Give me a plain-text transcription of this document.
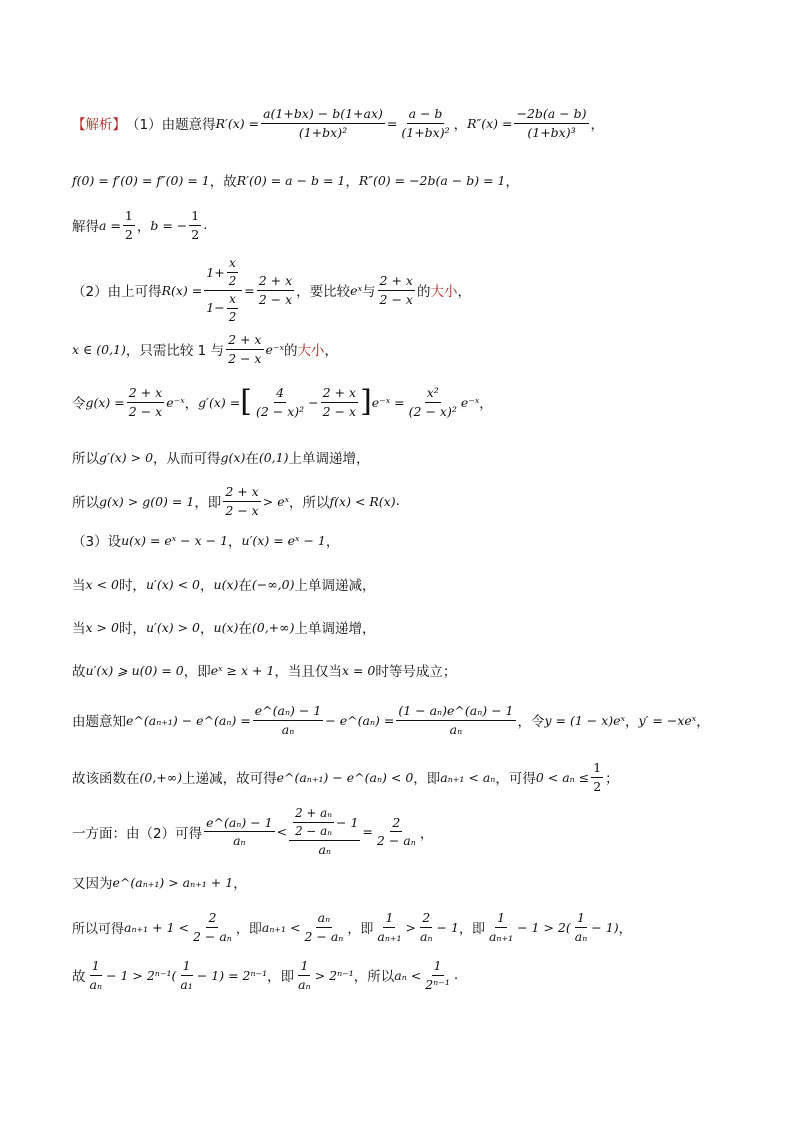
【解析】 （1）由题意得 $R'(x) = \frac{a(1+bx) - b(1+ax)}{\text{(1+bx)²}} = \frac{a - b}{\text{(1+bx)²}}$ ， $R''(x) = \frac{-2b(a - b)}{\text{(1+bx)³}}$ ，
f(0) = f′(0) = f″(0) = 1 ，故 R′(0) = a − b = 1 ， R″(0) = −2b(a − b) = 1 ，
解得 $a = \frac{1}{2}$ ， b = − $\frac{1}{2}$ .
（2）由上可得 $R(x) = \frac{1+ \frac{x}{2}}{1- \frac{x}{2}} = \frac{2 + x}{2 - x}$ ，要比较 eˣ 与 $\frac{2 + x}{2 - x}$ 的 大小 ，
x ∈ (0,1) ，只需比较 1 与 $\frac{2 + x}{2 - x}$ e⁻ˣ 的 大小 ，
令 $g(x) = \frac{2 + x}{2 - x}$ e⁻ˣ ， g′(x) = [ $\frac{4}{\text{(2 − x)²}} - \frac{2 + x}{2 - x}$ ] e⁻ˣ = $\frac{\text{x²}}{\text{(2 − x)²}}$ e⁻ˣ ，
所以 g′(x) > 0 ，从而可得 g(x) 在 (0,1) 上单调递增，
所以 g(x) > g(0) = 1 ，即 $\frac{2 + x}{2 - x}$ > eˣ ，所以 f(x) < R(x) .
（3）设 u(x) = eˣ − x − 1 ， u′(x) = eˣ − 1 ，
当 x < 0 时， u′(x) < 0 ， u(x) 在 (−∞,0) 上单调递减，
当 x > 0 时， u′(x) > 0 ， u(x) 在 (0,+∞) 上单调递增，
故 u′(x) ⩾ u(0) = 0 ，即 eˣ ≥ x + 1 ，当且仅当 x = 0 时等号成立；
由题意知 e^(aₙ₊₁) − e^(aₙ) = $\frac{\text{e\textasciicircum{}(aₙ) − 1}}{\text{aₙ}}$ − e^(aₙ) = $\frac{\text{(1 − aₙ)e\textasciicircum{}(aₙ) − 1}}{\text{aₙ}}$ ，令 y = (1 − x)eˣ ， y′ = −xeˣ ，
故该函数在 (0,+∞) 上递减，故可得 e^(aₙ₊₁) − e^(aₙ) < 0 ，即 aₙ₊₁ < aₙ ，可得 $0 < a_n \le \frac{1}{2}$ ；
一方面：由（2）可得 $\frac{\text{e\textasciicircum{}(aₙ) − 1}}{\text{aₙ}} < \frac{\frac{\text{2 + aₙ}}{\text{2 − aₙ}} - 1}{\text{aₙ}} = \frac{2}{\text{2 − aₙ}}$ ，
又因为 e^(aₙ₊₁) > aₙ₊₁ + 1 ，
所以可得 $a_{n+1} + 1 < \frac{2}{\text{2 − aₙ}}$ ，即 $a_{n+1} < \frac{\text{aₙ}}{\text{2 − aₙ}}$ ，即 $\frac{1}{\text{aₙ₊₁}} > \frac{2}{\text{aₙ}} - 1$ ，即 $\frac{1}{\text{aₙ₊₁}} - 1 > 2( \frac{1}{\text{aₙ}} - 1)$ ，
故 $\frac{1}{\text{aₙ}} - 1 > 2^{n-1}( \frac{1}{\text{a₁}} - 1) = 2^{n-1}$ ，即 $\frac{1}{\text{aₙ}} > 2^{n-1}$ ，所以 $a_n < \frac{1}{\text{2ⁿ⁻¹}}$ .
